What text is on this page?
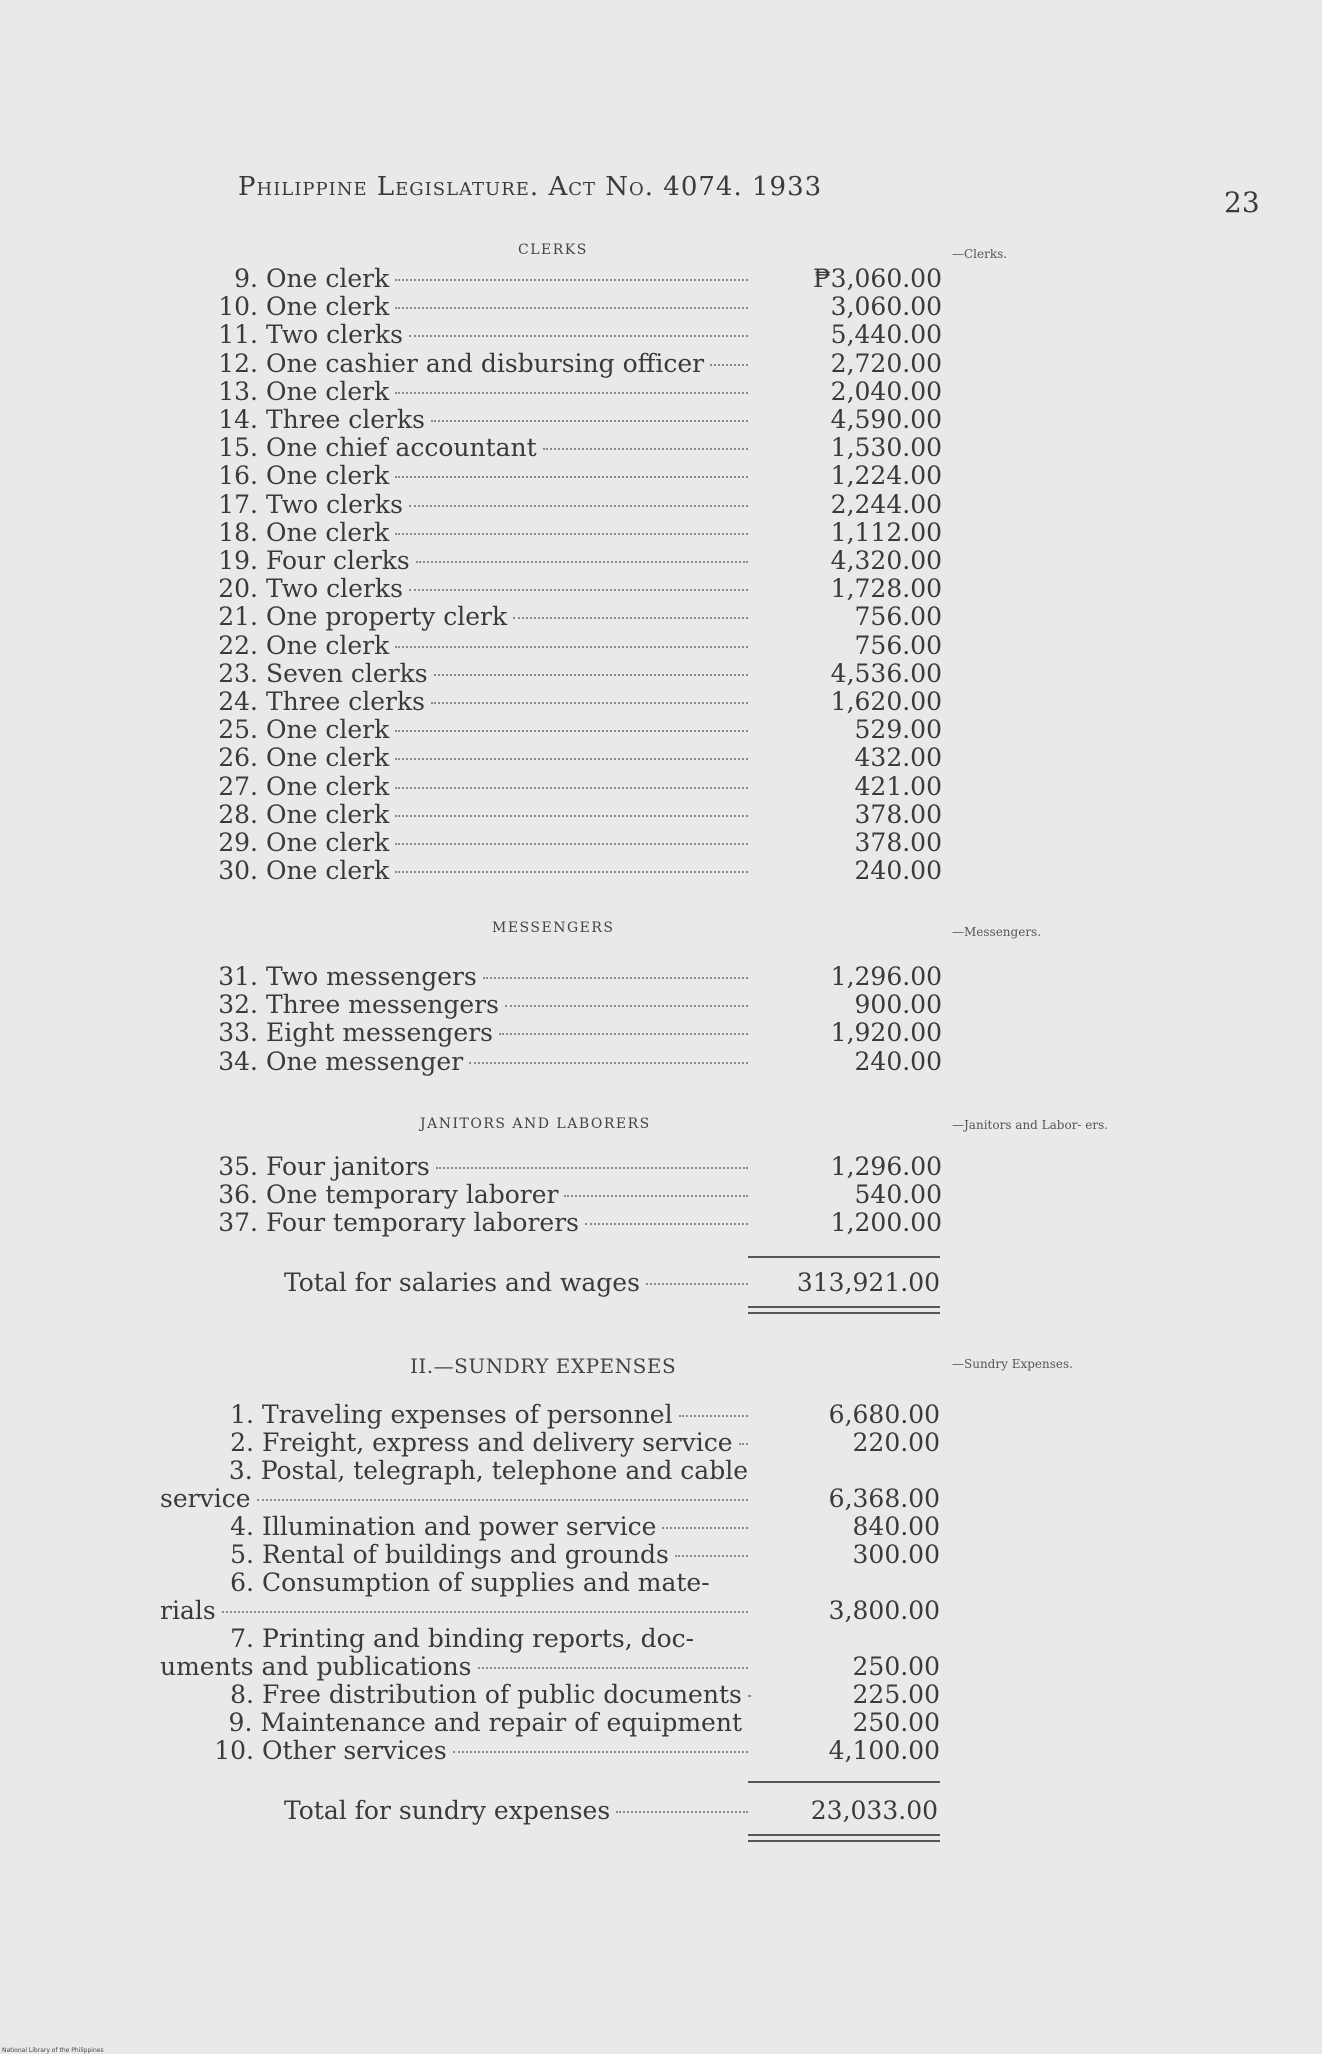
Philippine Legislature. Act No. 4074. 1933	23
CLERKS	—Clerks.
9. One clerk	₱3,060.00
10. One clerk	3,060.00
11. Two clerks	5,440.00
12. One cashier and disbursing officer	2,720.00
13. One clerk	2,040.00
14. Three clerks	4,590.00
15. One chief accountant	1,530.00
16. One clerk	1,224.00
17. Two clerks	2,244.00
18. One clerk	1,112.00
19. Four clerks	4,320.00
20. Two clerks	1,728.00
21. One property clerk	756.00
22. One clerk	756.00
23. Seven clerks	4,536.00
24. Three clerks	1,620.00
25. One clerk	529.00
26. One clerk	432.00
27. One clerk	421.00
28. One clerk	378.00
29. One clerk	378.00
30. One clerk	240.00
MESSENGERS	—Messengers.
31. Two messengers	1,296.00
32. Three messengers	900.00
33. Eight messengers	1,920.00
34. One messenger	240.00
JANITORS AND LABORERS	—Janitors and Labor- ers.
35. Four janitors	1,296.00
36. One temporary laborer	540.00
37. Four temporary laborers	1,200.00
Total for salaries and wages	313,921.00
II.—SUNDRY EXPENSES	—Sundry Expenses.
1. Traveling expenses of personnel	6,680.00
2. Freight, express and delivery service	220.00
3. Postal, telegraph, telephone and cable
service	6,368.00
4. Illumination and power service	840.00
5. Rental of buildings and grounds	300.00
6. Consumption of supplies and mate-
rials	3,800.00
7. Printing and binding reports, doc-
uments and publications	250.00
8. Free distribution of public documents	225.00
9. Maintenance and repair of equipment	250.00
10. Other services	4,100.00
Total for sundry expenses	23,033.00
National Library of the Philippines
